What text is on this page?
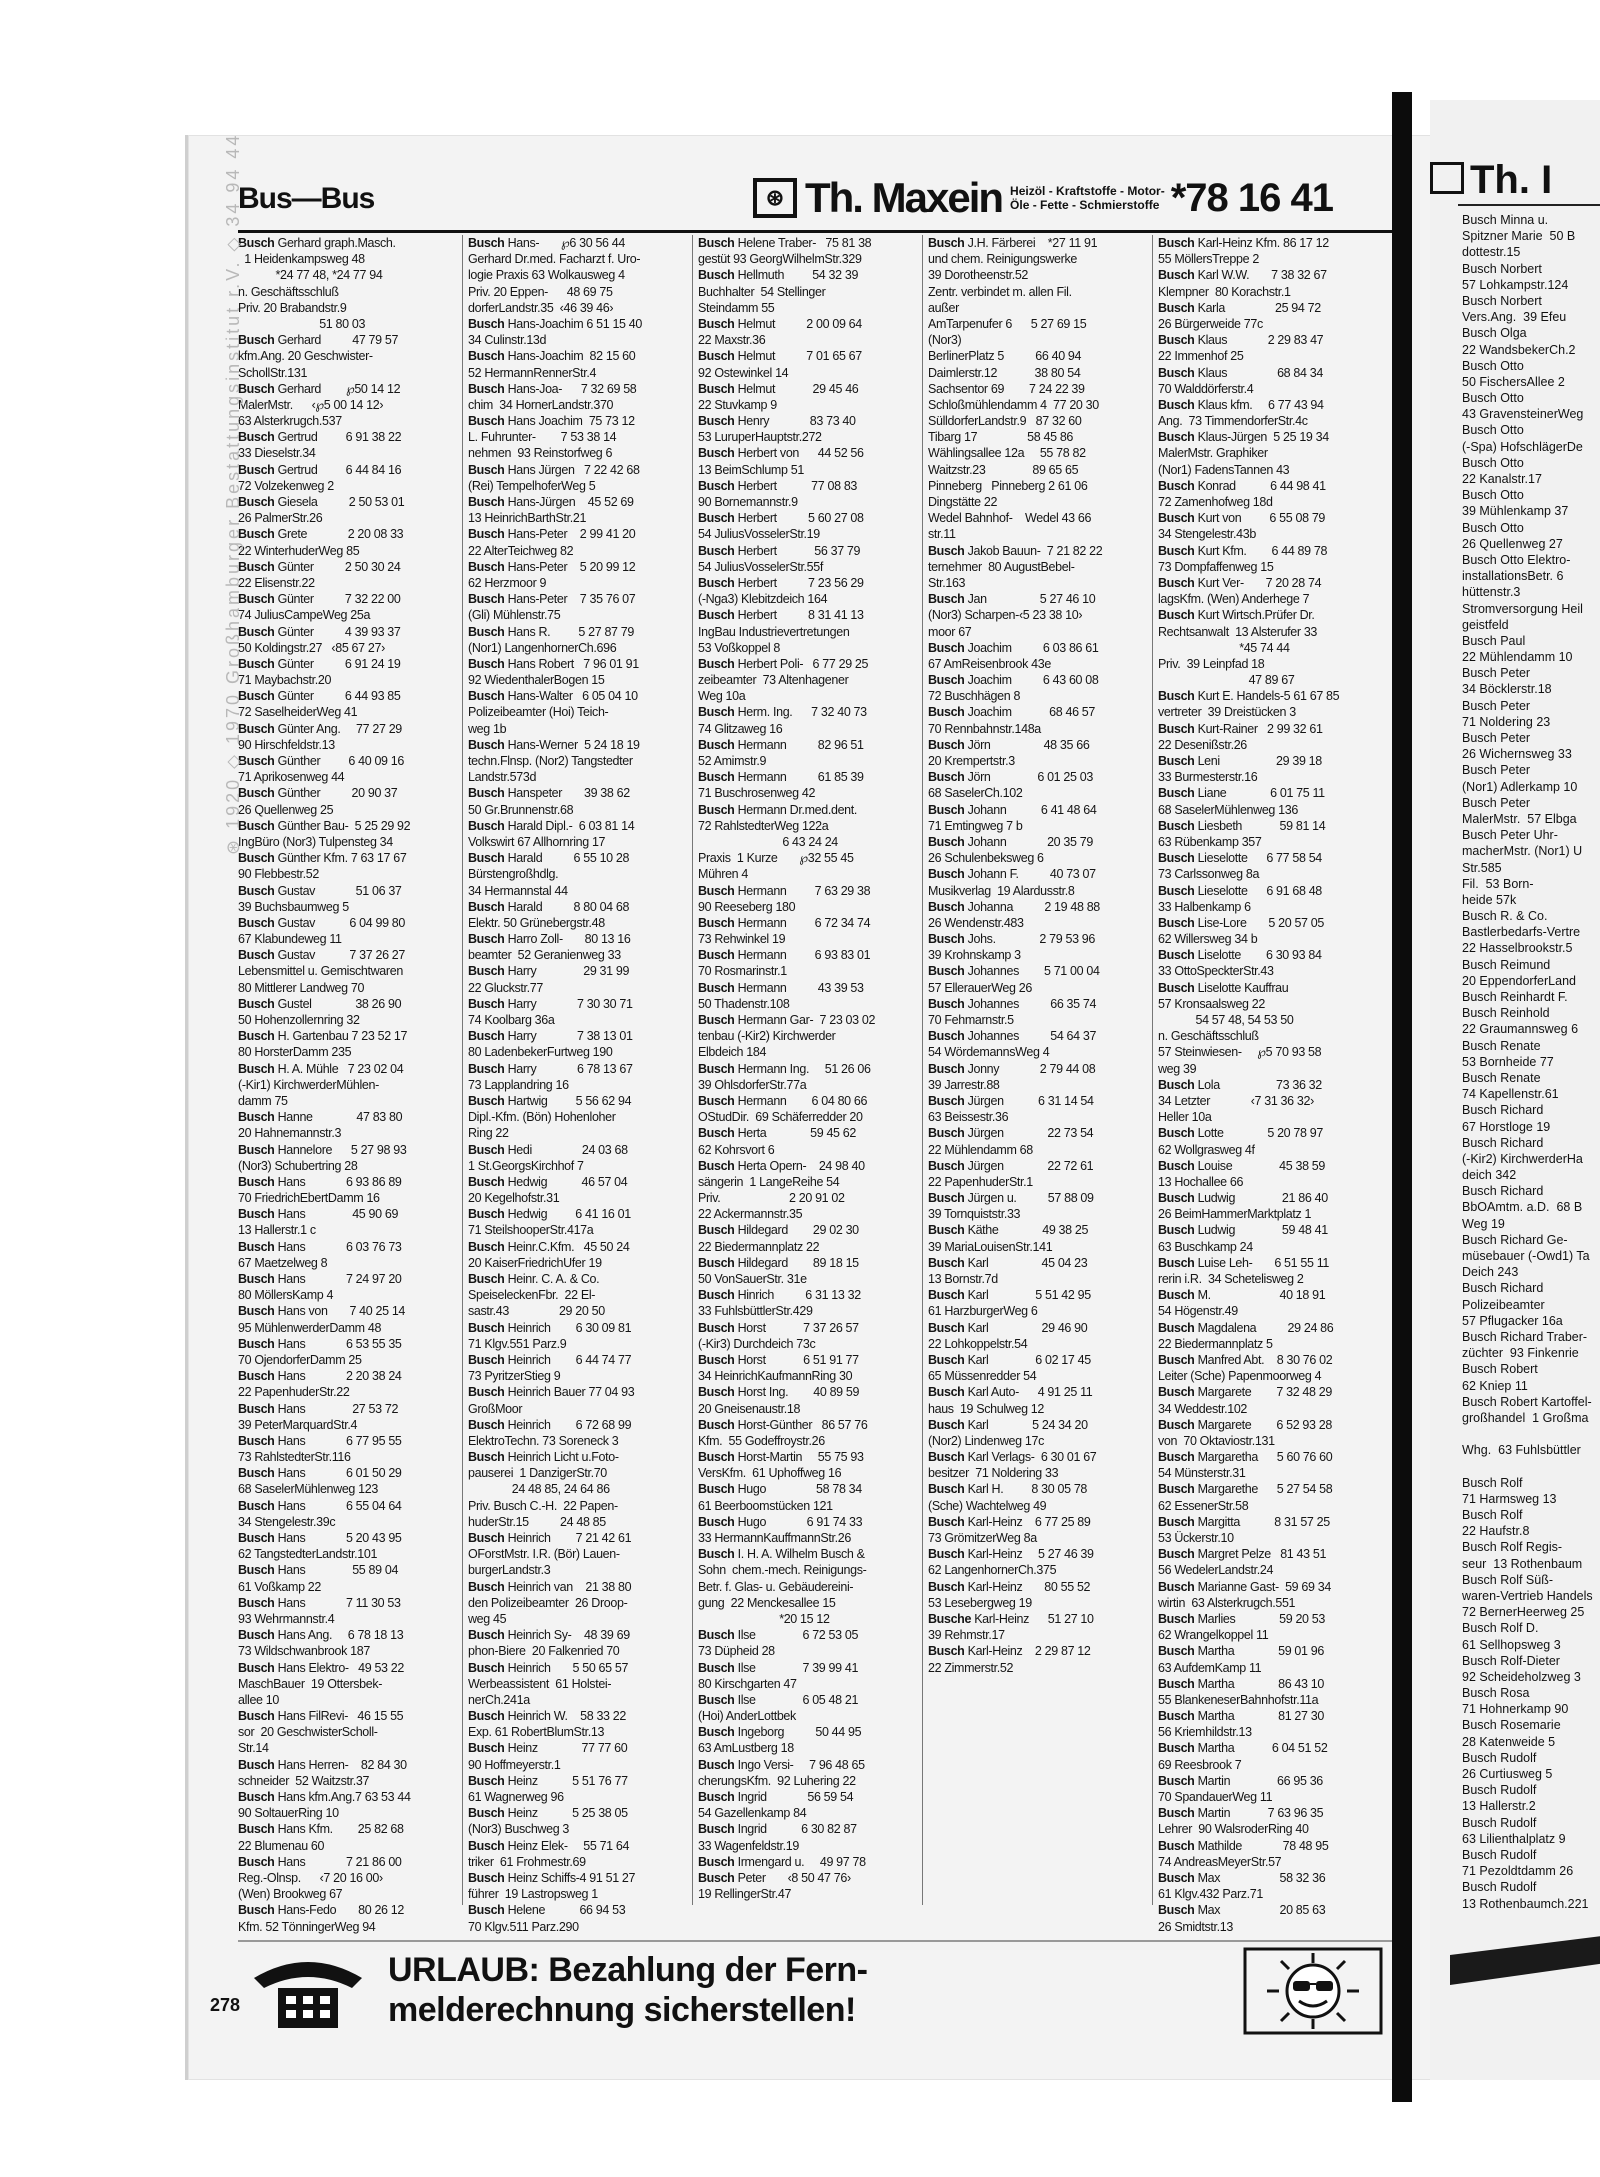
Bus—Bus	⊛ Th. Maxein Heizöl - Kraftstoffe - Motor-
Öle - Fette - Schmierstoffe *78 16 41
Busch Gerhard graph.Masch.
1 Heidenkampsweg 48
*24 77 48, *24 77 94
n. Geschäftsschluß
Priv. 20 Brabandstr.9
51 80 03
Busch Gerhard          47 79 57
kfm.Ang. 20 Geschwister-
SchollStr.131
Busch Gerhard        ℘50 14 12
MalerMstr.      ‹℘5 00 14 12›
63 Alsterkrugch.537
Busch Gertrud         6 91 38 22
33 Dieselstr.34
Busch Gertrud         6 44 84 16
72 Volzekenweg 2
Busch Giesela          2 50 53 01
26 PalmerStr.26
Busch Grete             2 20 08 33
22 WinterhuderWeg 85
Busch Günter          2 50 30 24
22 Elisenstr.22
Busch Günter          7 32 22 00
74 JuliusCampeWeg 25a
Busch Günter          4 39 93 37
50 Koldingstr.27   ‹85 67 27›
Busch Günter          6 91 24 19
71 Maybachstr.20
Busch Günter          6 44 93 85
72 SaselheiderWeg 41
Busch Günter Ang.     77 27 29
90 Hirschfeldstr.13
Busch Günther         6 40 09 16
71 Aprikosenweg 44
Busch Günther          20 90 37
26 Quellenweg 25
Busch Günther Bau-  5 25 29 92
IngBüro (Nor3) Tulpensteg 34
Busch Günther Kfm. 7 63 17 67
90 Flebbestr.52
Busch Gustav             51 06 37
39 Buchsbaumweg 5
Busch Gustav           6 04 99 80
67 Klabundeweg 11
Busch Gustav           7 37 26 27
Lebensmittel u. Gemischtwaren
80 Mittlerer Landweg 70
Busch Gustel              38 26 90
50 Hohenzollernring 32
Busch H. Gartenbau 7 23 52 17
80 HorsterDamm 235
Busch H. A. Mühle   7 23 02 04
(-Kir1) KirchwerderMühlen-
damm 75
Busch Hanne              47 83 80
20 Hahnemannstr.3
Busch Hannelore      5 27 98 93
(Nor3) Schubertring 28
Busch Hans             6 93 86 89
70 FriedrichEbertDamm 16
Busch Hans               45 90 69
13 Hallerstr.1 c
Busch Hans             6 03 76 73
67 Maetzelweg 8
Busch Hans             7 24 97 20
80 MöllersKamp 4
Busch Hans von       7 40 25 14
95 MühlenwerderDamm 48
Busch Hans             6 53 55 35
70 OjendorferDamm 25
Busch Hans             2 20 38 24
22 PapenhuderStr.22
Busch Hans               27 53 72
39 PeterMarquardStr.4
Busch Hans             6 77 95 55
73 RahlstedterStr.116
Busch Hans             6 01 50 29
68 SaselerMühlenweg 123
Busch Hans             6 55 04 64
34 Stengelestr.39c
Busch Hans             5 20 43 95
62 TangstedterLandstr.101
Busch Hans               55 89 04
61 Voßkamp 22
Busch Hans             7 11 30 53
93 Wehrmannstr.4
Busch Hans Ang.     6 78 18 13
73 Wildschwanbrook 187
Busch Hans Elektro-   49 53 22
MaschBauer  19 Ottersbek-
allee 10
Busch Hans FilRevi-   46 15 55
sor  20 GeschwisterScholl-
Str.14
Busch Hans Herren-    82 84 30
schneider  52 Waitzstr.37
Busch Hans kfm.Ang.7 63 53 44
90 SoltauerRing 10
Busch Hans Kfm.        25 82 68
22 Blumenau 60
Busch Hans             7 21 86 00
Reg.-Olnsp.      ‹7 20 16 00›
(Wen) Brookweg 67
Busch Hans-Fedo       80 26 12
Kfm. 52 TönningerWeg 94
Busch Hans-       ℘6 30 56 44
Gerhard Dr.med. Facharzt f. Uro-
logie Praxis 63 Wolkausweg 4
Priv. 20 Eppen-      48 69 75
dorferLandstr.35  ‹46 39 46›
Busch Hans-Joachim 6 51 15 40
34 Culinstr.13d
Busch Hans-Joachim  82 15 60
52 HermannRennerStr.4
Busch Hans-Joa-      7 32 69 58
chim  34 HornerLandstr.370
Busch Hans Joachim  75 73 12
L. Fuhrunter-        7 53 38 14
nehmen  93 Reinstorfweg 6
Busch Hans Jürgen   7 22 42 68
(Rei) TempelhoferWeg 5
Busch Hans-Jürgen    45 52 69
13 HeinrichBarthStr.21
Busch Hans-Peter    2 99 41 20
22 AlterTeichweg 82
Busch Hans-Peter    5 20 99 12
62 Herzmoor 9
Busch Hans-Peter    7 35 76 07
(Gli) Mühlenstr.75
Busch Hans R.         5 27 87 79
(Nor1) LangenhornerCh.696
Busch Hans Robert   7 96 01 91
92 WiedenthalerBogen 15
Busch Hans-Walter   6 05 04 10
Polizeibeamter (Hoi) Teich-
weg 1b
Busch Hans-Werner  5 24 18 19
techn.Flnsp. (Nor2) Tangstedter
Landstr.573d
Busch Hanspeter       39 38 62
50 Gr.Brunnenstr.68
Busch Harald Dipl.-  6 03 81 14
Volkswirt 67 Allhornring 17
Busch Harald          6 55 10 28
Bürstengroßhdlg.
34 Hermannstal 44
Busch Harald          8 80 04 68
Elektr. 50 Grünebergstr.48
Busch Harro Zoll-       80 13 16
beamter  52 Geranienweg 33
Busch Harry               29 31 99
22 Gluckstr.77
Busch Harry             7 30 30 71
74 Koolbarg 36a
Busch Harry             7 38 13 01
80 LadenbekerFurtweg 190
Busch Harry             6 78 13 67
73 Lapplandring 16
Busch Hartwig         5 56 62 94
Dipl.-Kfm. (Bön) Hohenloher
Ring 22
Busch Hedi                24 03 68
1 St.GeorgsKirchhof 7
Busch Hedwig           46 57 04
20 Kegelhofstr.31
Busch Hedwig         6 41 16 01
71 SteilshooperStr.417a
Busch Heinr.C.Kfm.   45 50 24
20 KaiserFriedrichUfer 19
Busch Heinr. C. A. & Co.
SpeiseleckenFbr.  22 El-
sastr.43                29 20 50
Busch Heinrich        6 30 09 81
71 Klgv.551 Parz.9
Busch Heinrich        6 44 74 77
73 PyritzerStieg 9
Busch Heinrich Bauer 77 04 93
GroßMoor
Busch Heinrich        6 72 68 99
ElektroTechn. 73 Soreneck 3
Busch Heinrich Licht u.Foto-
pauserei  1 DanzigerStr.70
24 48 85, 24 64 86
Priv. Busch C.-H.  22 Papen-
huderStr.15          24 48 85
Busch Heinrich        7 21 42 61
OForstMstr. I.R. (Bör) Lauen-
burgerLandstr.3
Busch Heinrich van    21 38 80
den Polizeibeamter  26 Droop-
weg 45
Busch Heinrich Sy-    48 39 69
phon-Biere  20 Falkenried 70
Busch Heinrich       5 50 65 57
Werbeassistent  61 Holstei-
nerCh.241a
Busch Heinrich W.    58 33 22
Exp. 61 RobertBlumStr.13
Busch Heinz              77 77 60
90 Hoffmeyerstr.1
Busch Heinz           5 51 76 77
61 Wagnerweg 96
Busch Heinz           5 25 38 05
(Nor3) Buschweg 3
Busch Heinz Elek-     55 71 64
triker  61 Frohmestr.69
Busch Heinz Schiffs-4 91 51 27
führer  19 Lastropsweg 1
Busch Helene           66 94 53
70 Klgv.511 Parz.290
Busch Helene Traber-   75 81 38
gestüt 93 GeorgWilhelmStr.329
Busch Hellmuth         54 32 39
Buchhalter  54 Stellinger
Steindamm 55
Busch Helmut          2 00 09 64
22 Maxstr.36
Busch Helmut          7 01 65 67
92 Ostewinkel 14
Busch Helmut            29 45 46
22 Stuvkamp 9
Busch Henry             83 73 40
53 LuruperHauptstr.272
Busch Herbert von      44 52 56
13 BeimSchlump 51
Busch Herbert           77 08 83
90 Bornemannstr.9
Busch Herbert          5 60 27 08
54 JuliusVosselerStr.19
Busch Herbert            56 37 79
54 JuliusVosselerStr.55f
Busch Herbert          7 23 56 29
(-Nga3) Klebitzdeich 164
Busch Herbert          8 31 41 13
IngBau Industrievertretungen
53 Voßkoppel 8
Busch Herbert Poli-   6 77 29 25
zeibeamter  73 Altenhagener
Weg 10a
Busch Herm. Ing.      7 32 40 73
74 Glitzaweg 16
Busch Hermann          82 96 51
52 Amimstr.9
Busch Hermann          61 85 39
71 Buschrosenweg 42
Busch Hermann Dr.med.dent.
72 RahlstedterWeg 122a
6 43 24 24
Praxis  1 Kurze       ℘32 55 45
Mühren 4
Busch Hermann         7 63 29 38
90 Reeseberg 180
Busch Hermann         6 72 34 74
73 Rehwinkel 19
Busch Hermann         6 93 83 01
70 Rosmarinstr.1
Busch Hermann          43 39 53
50 Thadenstr.108
Busch Hermann Gar-  7 23 03 02
tenbau (-Kir2) Kirchwerder
Elbdeich 184
Busch Hermann Ing.     51 26 06
39 OhlsdorferStr.77a
Busch Hermann        6 04 80 66
OStudDir.  69 Schäferredder 20
Busch Herta              59 45 62
62 Kohrsvort 6
Busch Herta Opern-    24 98 40
sängerin  1 LangeReihe 54
Priv.                      2 20 91 02
22 Ackermannstr.35
Busch Hildegard        29 02 30
22 Biedermannplatz 22
Busch Hildegard        89 18 15
50 VonSauerStr. 31e
Busch Hinrich          6 31 13 32
33 FuhlsbüttlerStr.429
Busch Horst            7 37 26 57
(-Kir3) Durchdeich 73c
Busch Horst            6 51 91 77
34 HeinrichKaufmannRing 30
Busch Horst Ing.        40 89 59
20 Gneisenaustr.18
Busch Horst-Günther   86 57 76
Kfm.  55 Godeffroystr.26
Busch Horst-Martin     55 75 93
VersKfm.  61 Uphoffweg 16
Busch Hugo                58 78 34
61 Beerboomstücken 121
Busch Hugo             6 91 74 33
33 HermannKauffmannStr.26
Busch I. H. A. Wilhelm Busch &
Sohn  chem.-mech. Reinigungs-
Betr. f. Glas- u. Gebäudereini-
gung  22 Menckesallee 15
*20 15 12
Busch Ilse               6 72 53 05
73 Düpheid 28
Busch Ilse               7 39 99 41
80 Kirschgarten 47
Busch Ilse               6 05 48 21
(Hoi) AnderLottbek
Busch Ingeborg          50 44 95
63 AmLustberg 18
Busch Ingo Versi-     7 96 48 65
cherungsKfm.  92 Luhering 22
Busch Ingrid             56 59 54
54 Gazellenkamp 84
Busch Ingrid           6 30 82 87
33 Wagenfeldstr.19
Busch Irmengard u.     49 97 78
Busch Peter       ‹8 50 47 76›
19 RellingerStr.47
Busch J.H. Färberei    *27 11 91
und chem. Reinigungswerke
39 Dorotheenstr.52
Zentr. verbindet m. allen Fil.
außer
AmTarpenufer 6      5 27 69 15
(Nor3)
BerlinerPlatz 5          66 40 94
Daimlerstr.12            38 80 54
Sachsentor 69        7 24 22 39
Schloßmühlendamm 4  77 20 30
SülldorferLandstr.9   87 32 60
Tibarg 17                58 45 86
Wählingsallee 12a     55 78 82
Waitzstr.23               89 65 65
Pinneberg   Pinneberg 2 61 06
Dingstätte 22
Wedel Bahnhof-    Wedel 43 66
str.11
Busch Jakob Bauun-  7 21 82 22
ternehmer  80 AugustBebel-
Str.163
Busch Jan                 5 27 46 10
(Nor3) Scharpen-‹5 23 38 10›
moor 67
Busch Joachim          6 03 86 61
67 AmReisenbrook 43e
Busch Joachim          6 43 60 08
72 Buschhägen 8
Busch Joachim            68 46 57
70 Rennbahnstr.148a
Busch Jörn                 48 35 66
20 Krempertstr.3
Busch Jörn               6 01 25 03
68 SaselerCh.102
Busch Johann           6 41 48 64
71 Emtingweg 7 b
Busch Johann             20 35 79
26 Schulenbeksweg 6
Busch Johann F.          40 73 07
Musikverlag  19 Alardusstr.8
Busch Johanna          2 19 48 88
26 Wendenstr.483
Busch Johs.              2 79 53 96
39 Krohnskamp 3
Busch Johannes        5 71 00 04
57 EllerauerWeg 26
Busch Johannes          66 35 74
70 Fehmarnstr.5
Busch Johannes          54 64 37
54 WördemannsWeg 4
Busch Jonny             2 79 44 08
39 Jarrestr.88
Busch Jürgen           6 31 14 54
63 Beissestr.36
Busch Jürgen              22 73 54
22 Mühlendamm 68
Busch Jürgen              22 72 61
22 PapenhuderStr.1
Busch Jürgen u.          57 88 09
39 Tornquiststr.33
Busch Käthe              49 38 25
39 MariaLouisenStr.141
Busch Karl                 45 04 23
13 Bornstr.7d
Busch Karl               5 51 42 95
61 HarzburgerWeg 6
Busch Karl                 29 46 90
22 Lohkoppelstr.54
Busch Karl               6 02 17 45
65 Müssenredder 54
Busch Karl Auto-      4 91 25 11
haus  19 Schulweg 12
Busch Karl              5 24 34 20
(Nor2) Lindenweg 17c
Busch Karl Verlags-  6 30 01 67
besitzer  71 Noldering 33
Busch Karl H.         8 30 05 78
(Sche) Wachtelweg 49
Busch Karl-Heinz    6 77 25 89
73 GrömitzerWeg 8a
Busch Karl-Heinz     5 27 46 39
62 LangenhornerCh.375
Busch Karl-Heinz       80 55 52
53 Lesebergweg 19
Busche Karl-Heinz      51 27 10
39 Rehmstr.17
Busch Karl-Heinz    2 29 87 12
22 Zimmerstr.52
Busch Karl-Heinz Kfm. 86 17 12
55 MöllersTreppe 2
Busch Karl W.W.       7 38 32 67
Klempner  80 Korachstr.1
Busch Karla                25 94 72
26 Bürgerweide 77c
Busch Klaus             2 29 83 47
22 Immenhof 25
Busch Klaus                68 84 34
70 Walddörferstr.4
Busch Klaus kfm.     6 77 43 94
Ang.  73 TimmendorferStr.4c
Busch Klaus-Jürgen  5 25 19 34
MalerMstr. Graphiker
(Nor1) FadensTannen 43
Busch Konrad           6 44 98 41
72 Zamenhofweg 18d
Busch Kurt von         6 55 08 79
34 Stengelestr.43b
Busch Kurt Kfm.        6 44 89 78
73 Dompfaffenweg 15
Busch Kurt Ver-       7 20 28 74
lagsKfm. (Wen) Anderhege 7
Busch Kurt Wirtsch.Prüfer Dr.
Rechtsanwalt  13 Alsterufer 33
*45 74 44
Priv.  39 Leinpfad 18
47 89 67
Busch Kurt E. Handels-5 61 67 85
vertreter  39 Dreistücken 3
Busch Kurt-Rainer   2 99 32 61
22 Desenißstr.26
Busch Leni                  29 39 18
33 Burmesterstr.16
Busch Liane              6 01 75 11
68 SaselerMühlenweg 136
Busch Liesbeth            59 81 14
63 Rübenkamp 357
Busch Lieselotte      6 77 58 54
73 Carlssonweg 8a
Busch Lieselotte      6 91 68 48
33 Halbenkamp 6
Busch Lise-Lore       5 20 57 05
62 Willersweg 34 b
Busch Liselotte        6 30 93 84
33 OttoSpeckterStr.43
Busch Liselotte Kauffrau
57 Kronsaalsweg 22
54 57 48, 54 53 50
n. Geschäftsschluß
57 Steinwiesen-     ℘5 70 93 58
weg 39
Busch Lola                  73 36 32
34 Letzter             ‹7 31 36 32›
Heller 10a
Busch Lotte              5 20 78 97
62 Wollgrasweg 4f
Busch Louise               45 38 59
13 Hochallee 66
Busch Ludwig               21 86 40
26 BeimHammerMarktplatz 1
Busch Ludwig               59 48 41
63 Buschkamp 24
Busch Luise Leh-       6 51 55 11
rerin i.R.  34 Schetelisweg 2
Busch M.                      40 18 91
54 Högenstr.49
Busch Magdalena          29 24 86
22 Biedermannplatz 5
Busch Manfred Abt.    8 30 76 02
Leiter (Sche) Papenmoorweg 4
Busch Margarete        7 32 48 29
34 Weddestr.102
Busch Margarete        6 52 93 28
von  70 Oktaviostr.131
Busch Margaretha      5 60 76 60
54 Münsterstr.31
Busch Margarethe      5 27 54 58
62 EssenerStr.58
Busch Margitta           8 31 57 25
53 Ückerstr.10
Busch Margret Pelze   81 43 51
56 WedelerLandstr.24
Busch Marianne Gast-  59 69 34
wirtin  63 Alsterkrugch.551
Busch Marlies              59 20 53
62 Wrangelkoppel 11
Busch Martha              59 01 96
63 AufdemKamp 11
Busch Martha              86 43 10
55 BlankeneserBahnhofstr.11a
Busch Martha              81 27 30
56 Kriemhildstr.13
Busch Martha            6 04 51 52
69 Reesbrook 7
Busch Martin               66 95 36
70 SpandauerWeg 11
Busch Martin            7 63 96 35
Lehrer  90 WalsroderRing 40
Busch Mathilde             78 48 95
74 AndreasMeyerStr.57
Busch Max                   58 32 36
61 Klgv.432 Parz.71
Busch Max                   20 85 63
26 Smidtstr.13
⊛ 1920 ◇ 1970 Großhamburger Bestattungsinstitut r.V. ◇ 34 94 44
URLAUB: Bezahlung der Fern-
melderechnung sicherstellen!
278
Th. I
Busch Minna u.
Spitzner Marie  50 B
dottestr.15
Busch Norbert
57 Lohkampstr.124
Busch Norbert
Vers.Ang.  39 Efeu
Busch Olga
22 WandsbekerCh.2
Busch Otto
50 FischersAllee 2
Busch Otto
43 GravensteinerWeg
Busch Otto
(-Spa) HofschlägerDe
Busch Otto
22 Kanalstr.17
Busch Otto
39 Mühlenkamp 37
Busch Otto
26 Quellenweg 27
Busch Otto Elektro-
installationsBetr. 6
hüttenstr.3
Stromversorgung Heil
geistfeld
Busch Paul
22 Mühlendamm 10
Busch Peter
34 Böcklerstr.18
Busch Peter
71 Noldering 23
Busch Peter
26 Wichernsweg 33
Busch Peter
(Nor1) Adlerkamp 10
Busch Peter
MalerMstr.  57 Elbga
Busch Peter Uhr-
macherMstr. (Nor1) U
Str.585
Fil.  53 Born-
heide 57k
Busch R. & Co.
Bastlerbedarfs-Vertre
22 Hasselbrookstr.5
Busch Reimund
20 EppendorferLand
Busch Reinhardt F.
Busch Reinhold
22 Graumannsweg 6
Busch Renate
53 Bornheide 77
Busch Renate
74 Kapellenstr.61
Busch Richard
67 Horstloge 19
Busch Richard
(-Kir2) KirchwerderHa
deich 342
Busch Richard
BbOAmtm. a.D.  68 B
Weg 19
Busch Richard Ge-
müsebauer (-Owd1) Ta
Deich 243
Busch Richard
Polizeibeamter
57 Pflugacker 16a
Busch Richard Traber-
züchter  93 Finkenrie
Busch Robert
62 Kniep 11
Busch Robert Kartoffel-
großhandel  1 Großma
Whg.  63 Fuhlsbüttler
Busch Rolf
71 Harmsweg 13
Busch Rolf
22 Haufstr.8
Busch Rolf Regis-
seur  13 Rothenbaum
Busch Rolf Süß-
waren-Vertrieb Handels
72 BernerHeerweg 25
Busch Rolf D.
61 Sellhopsweg 3
Busch Rolf-Dieter
92 Scheideholzweg 3
Busch Rosa
71 Hohnerkamp 90
Busch Rosemarie
28 Katenweide 5
Busch Rudolf
26 Curtiusweg 5
Busch Rudolf
13 Hallerstr.2
Busch Rudolf
63 Lilienthalplatz 9
Busch Rudolf
71 Pezoldtdamm 26
Busch Rudolf
13 Rothenbaumch.221
